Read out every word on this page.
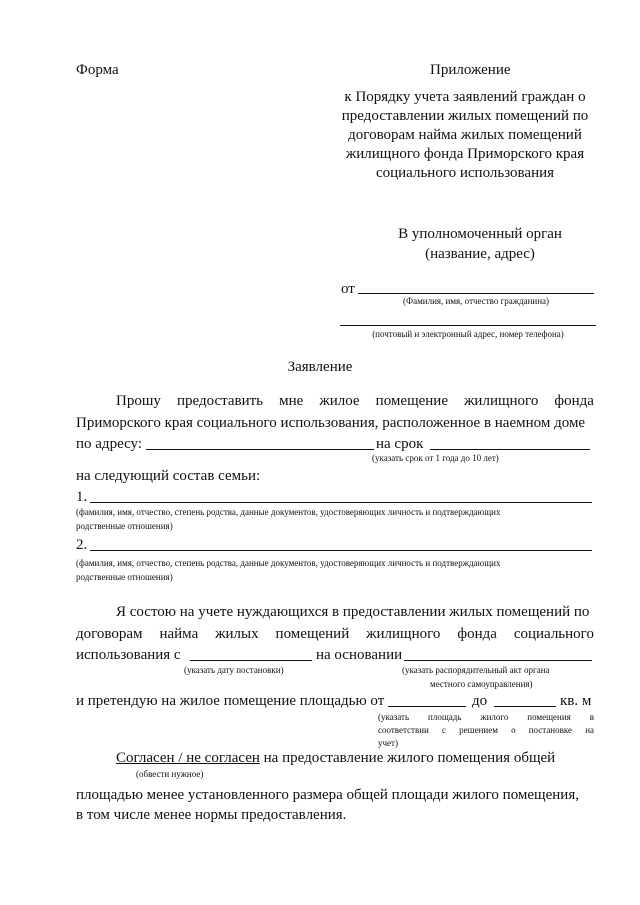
Форма	Приложение
к Порядку учета заявлений граждан о
предоставлении жилых помещений по
договорам найма жилых помещений
жилищного фонда Приморского края
социального использования
В уполномоченный орган
(название, адрес)
от
(Фамилия, имя, отчество гражданина)
(почтовый и электронный адрес, номер телефона)
Заявление
Прошу предоставить мне жилое помещение жилищного фонда
Приморского края социального использования, расположенное в наемном доме
по адресу:	на срок
(указать срок от 1 года до 10 лет)
на следующий состав семьи:
1.
(фамилия, имя, отчество, степень родства, данные документов, удостоверяющих личность и подтверждающих
родственные отношения)
2.
(фамилия, имя, отчество, степень родства, данные документов, удостоверяющих личность и подтверждающих
родственные отношения)
Я состою на учете нуждающихся в предоставлении жилых помещений по
договорам найма жилых помещений жилищного фонда социального
использования с	на основании
(указать дату постановки)	(указать распорядительный акт органа
местного самоуправления)
и претендую на жилое помещение площадью от	до	кв. м
(указать площадь жилого помещения в
соответствии с решением о постановке на
учет)
Согласен / не согласен на предоставление жилого помещения общей
(обвести нужное)
площадью менее установленного размера общей площади жилого помещения,
в том числе менее нормы предоставления.
